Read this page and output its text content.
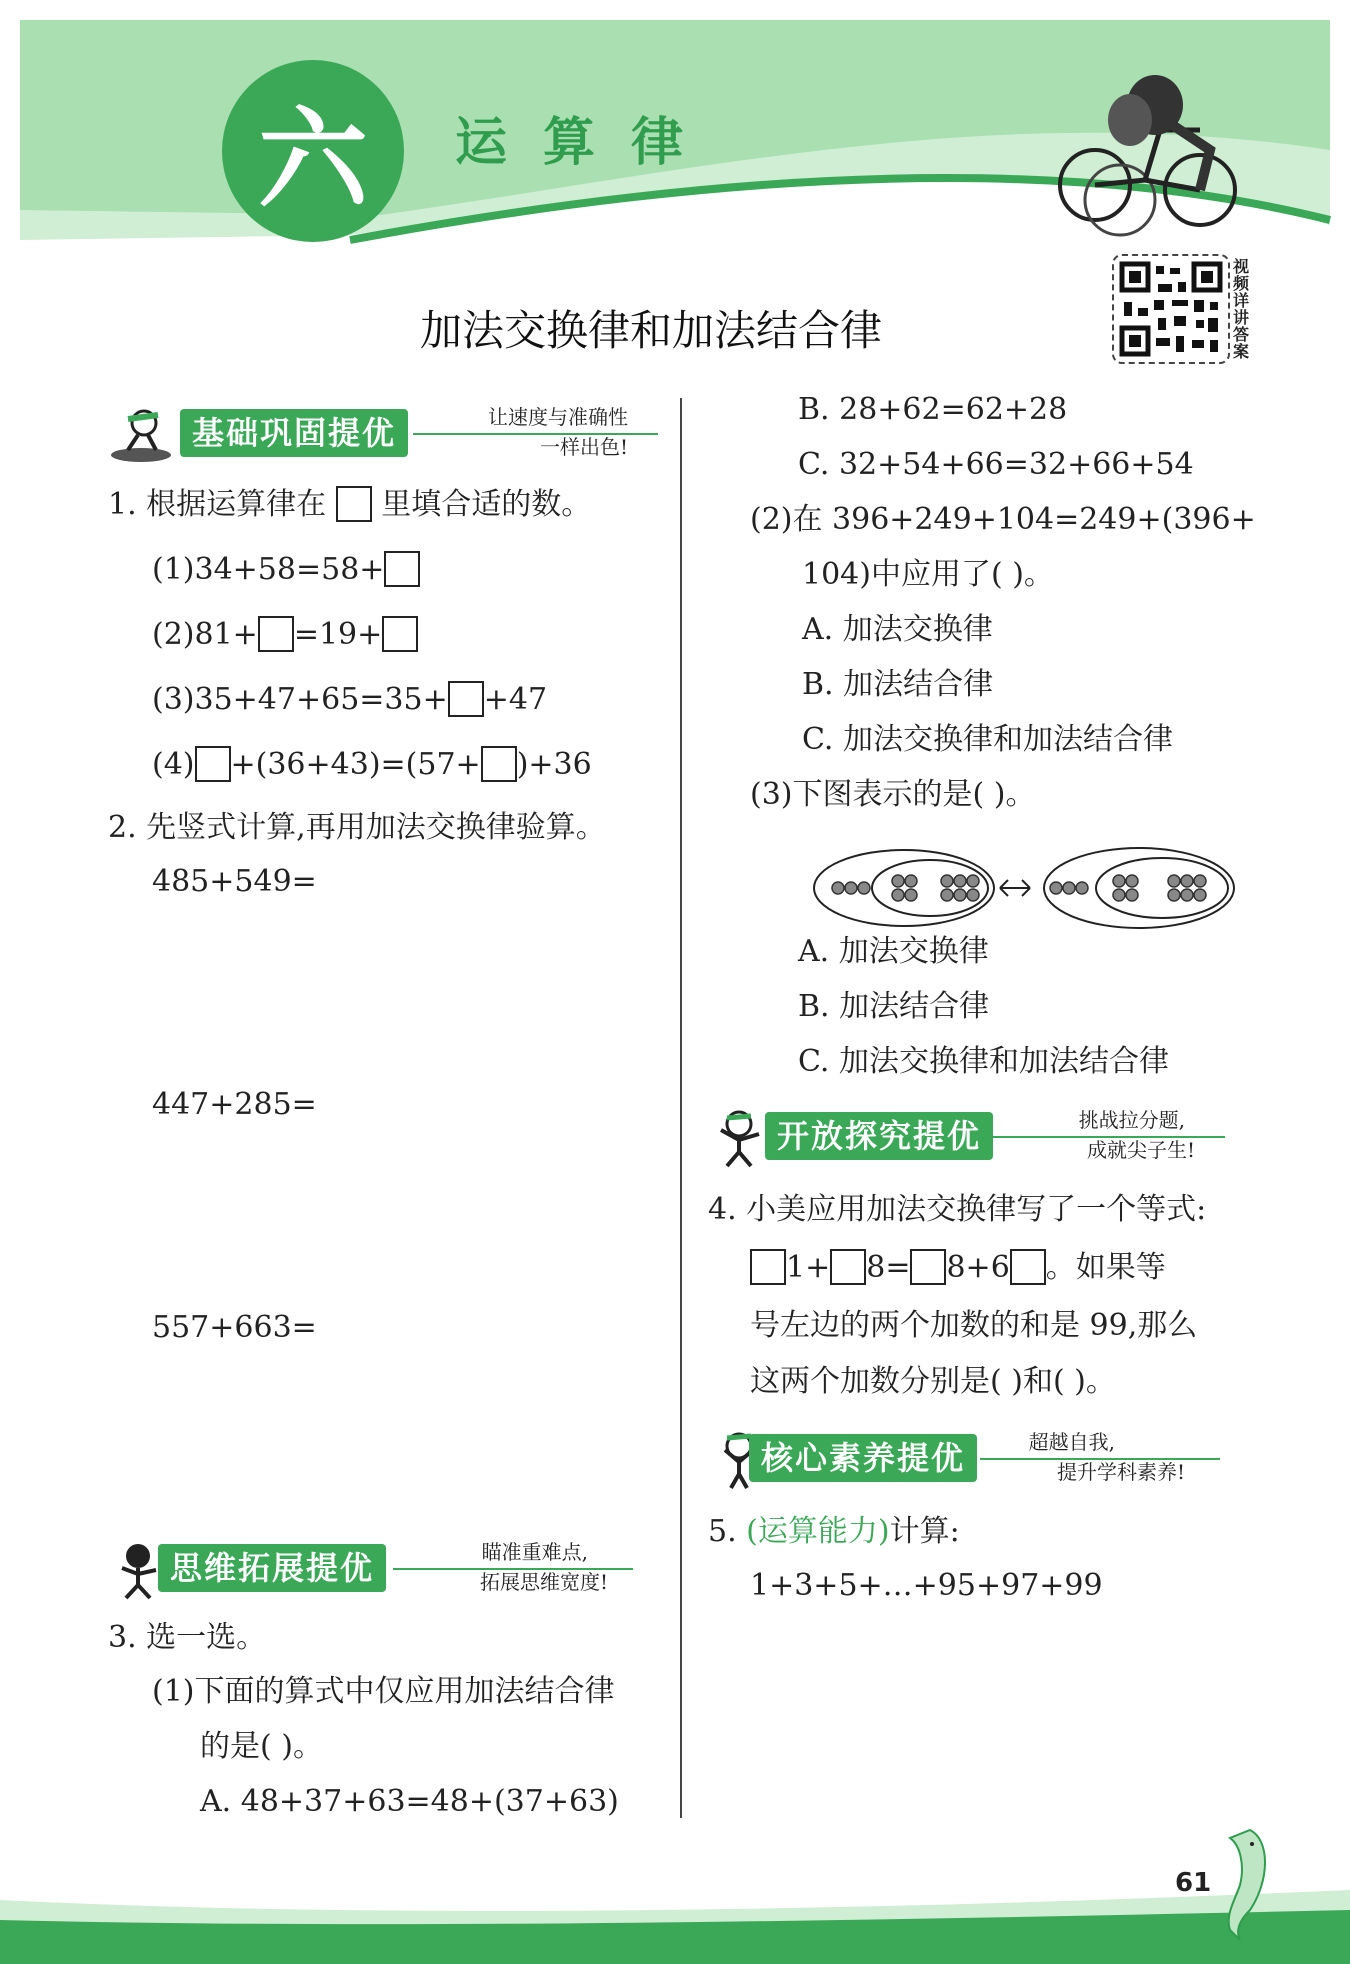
六	运算律
视频详讲答案
加法交换律和加法结合律
基础巩固提优	让速度与准确性
一样出色!
1. 根据运算律在 里填合适的数。
(1)34+58=58+
(2)81+ =19+
(3)35+47+65=35+ +47
(4) +(36+43)=(57+ )+36
2. 先竖式计算,再用加法交换律验算。
485+549=
447+285=
557+663=
思维拓展提优	瞄准重难点,
拓展思维宽度!
3. 选一选。
(1)下面的算式中仅应用加法结合律
的是( )。
A. 48+37+63=48+(37+63)
B. 28+62=62+28
C. 32+54+66=32+66+54
(2)在 396+249+104=249+(396+
104)中应用了( )。
A. 加法交换律
B. 加法结合律
C. 加法交换律和加法结合律
(3)下图表示的是( )。
A. 加法交换律
B. 加法结合律
C. 加法交换律和加法结合律
开放探究提优	挑战拉分题,
成就尖子生!
4. 小美应用加法交换律写了一个等式:
1+ 8= 8+6 。如果等
号左边的两个加数的和是 99,那么
这两个加数分别是( )和( )。
核心素养提优	超越自我,
提升学科素养!
5. (运算能力)计算:
1+3+5+…+95+97+99
61
